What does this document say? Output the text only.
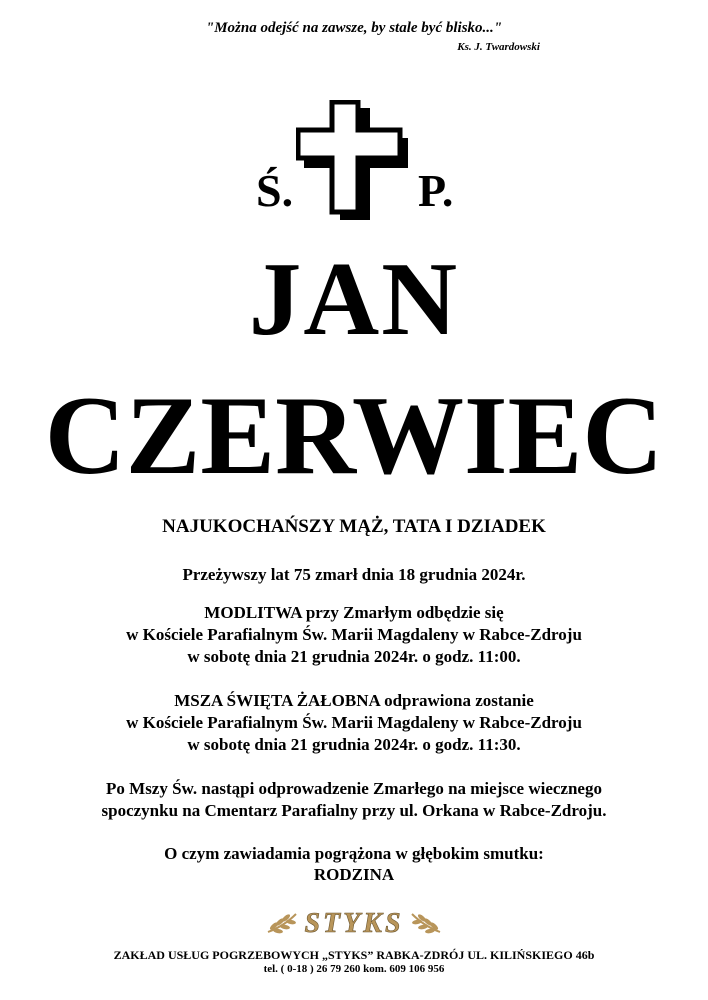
"Można odejść na zawsze, by stale być blisko..."
Ks. J. Twardowski
Ś.	P.
JAN
CZERWIEC
NAJUKOCHAŃSZY MĄŻ, TATA I DZIADEK
Przeżywszy lat 75 zmarł dnia 18 grudnia 2024r.
MODLITWA przy Zmarłym odbędzie się
w Kościele Parafialnym Św. Marii Magdaleny w Rabce-Zdroju
w sobotę dnia 21 grudnia 2024r. o godz. 11:00.
MSZA ŚWIĘTA ŻAŁOBNA odprawiona zostanie
w Kościele Parafialnym Św. Marii Magdaleny w Rabce-Zdroju
w sobotę dnia 21 grudnia 2024r. o godz. 11:30.
Po Mszy Św. nastąpi odprowadzenie Zmarłego na miejsce wiecznego
spoczynku na Cmentarz Parafialny przy ul. Orkana w Rabce-Zdroju.
O czym zawiadamia pogrążona w głębokim smutku:
RODZINA
STYKS
ZAKŁAD USŁUG POGRZEBOWYCH „STYKS” RABKA-ZDRÓJ UL. KILIŃSKIEGO 46b
tel. ( 0-18 ) 26 79 260 kom. 609 106 956
